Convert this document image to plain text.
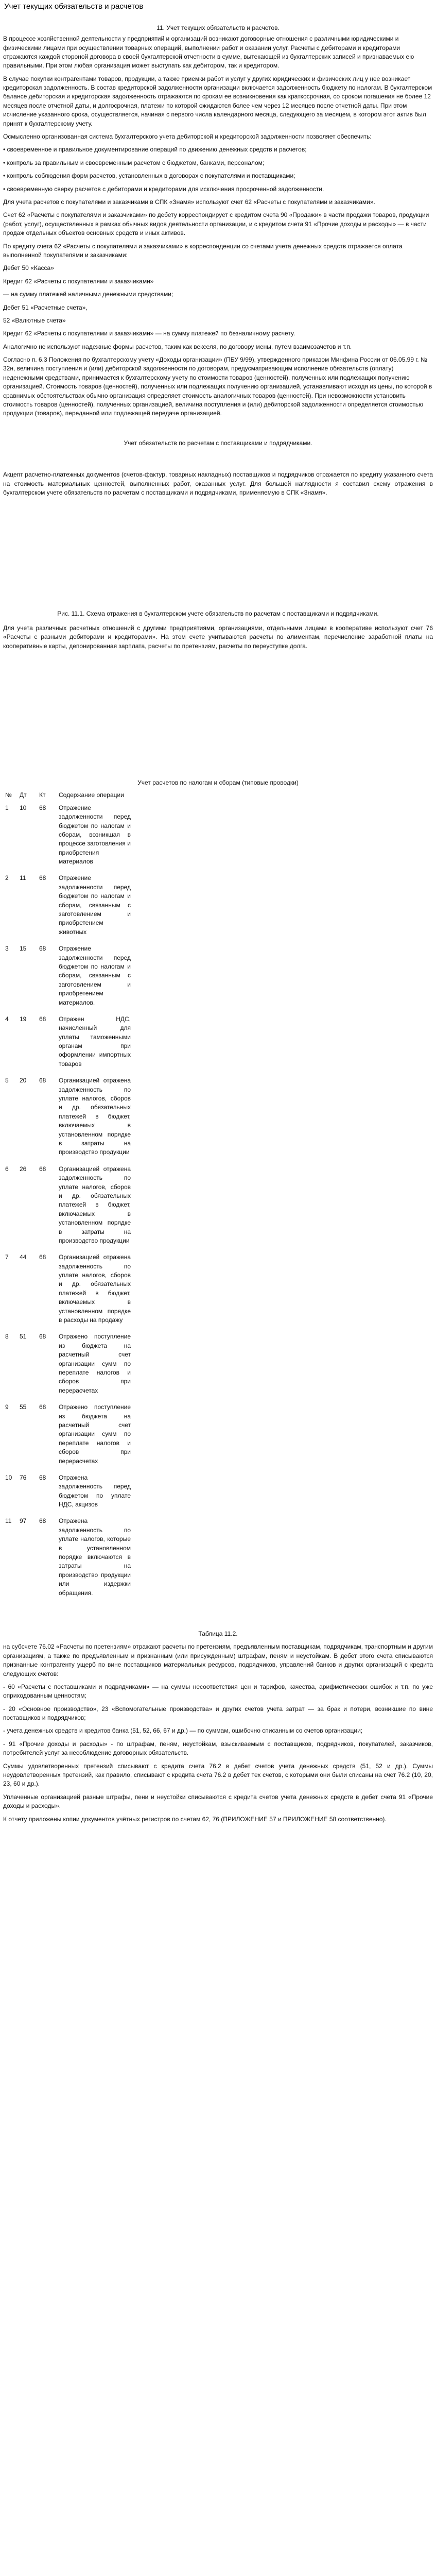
Учет текущих обязательств и расчетов
11. Учет текущих обязательств и расчетов.

В процессе хозяйственной деятельности у предприятий и организаций возникают договорные отношения с различными юридическими и физическими лицами при осуществлении товарных операций, выполнении работ и оказании услуг. Расчеты с дебиторами и кредиторами отражаются каждой стороной договора в своей бухгалтерской отчетности в сумме, вытекающей из бухгалтерских записей и признаваемых ею правильными. При этом любая организация может выступать как дебитором, так и кредитором.

В случае покупки контрагентами товаров, продукции, а также приемки работ и услуг у других юридических и физических лиц у нее возникает кредиторская задолженность. В состав кредиторской задолженности организации включается задолженность бюджету по налогам. В бухгалтерском балансе дебиторская и кредиторская задолженность отражаются по срокам ее возникновения как краткосрочная, со сроком погашения не более 12 месяцев после отчетной даты, и долгосрочная, платежи по которой ожидаются более чем через 12 месяцев после отчетной даты. При этом исчисление указанного срока, осуществляется, начиная с первого числа календарного месяца, следующего за месяцем, в котором этот актив был принят к бухгалтерскому учету.

Осмысленно организованная система бухгалтерского учета дебиторской и кредиторской задолженности позволяет обеспечить:

• своевременное и правильное документирование операций по движению денежных средств и расчетов;

• контроль за правильным и своевременным расчетом с бюджетом, банками, персоналом;

• контроль соблюдения форм расчетов, установленных в договорах с покупателями и поставщиками;

• своевременную сверку расчетов с дебиторами и кредиторами для исключения просроченной задолженности.

Для учета расчетов с покупателями и заказчиками в СПК «Знамя» используют счет 62 «Расчеты с покупателями и заказчиками».

Счет 62 «Расчеты с покупателями и заказчиками» по дебету корреспондирует с кредитом счета 90 «Продажи» в части продажи товаров, продукции (работ, услуг), осуществленных в рамках обычных видов деятельности организации, и с кредитом счета 91 «Прочие доходы и расходы» — в части продаж отдельных объектов основных средств и иных активов.

По кредиту счета 62 «Расчеты с покупателями и заказчиками» в корреспонденции со счетами учета денежных средств отражается оплата выполненной покупателями и заказчиками:

Дебет 50 «Касса»

Кредит 62 «Расчеты с покупателями и заказчиками»

— на сумму платежей наличными денежными средствами;

Дебет 51 «Расчетные счета»,

52 «Валютные счета»

Кредит 62 «Расчеты с покупателями и заказчиками» — на сумму платежей по безналичному расчету.

Аналогично не используют надежные формы расчетов, таким как векселя, по договору мены, путем взаимозачетов и т.п.

Согласно п. 6.3 Положения по бухгалтерскому учету «Доходы организации» (ПБУ 9/99), утвержденного приказом Минфина России от 06.05.99 г. № 32н, величина поступления и (или) дебиторской задолженности по договорам, предусматривающим исполнение обязательств (оплату) неденежными средствами, принимается к бухгалтерскому учету по стоимости товаров (ценностей), полученных или подлежащих получению организацией. Стоимость товаров (ценностей), полученных или подлежащих получению организацией, устанавливают исходя из цены, по которой в сравнимых обстоятельствах обычно организация определяет стоимость аналогичных товаров (ценностей). При невозможности установить стоимость товаров (ценностей), полученных организацией, величина поступления и (или) дебиторской задолженности определяется стоимостью продукции (товаров), переданной или подлежащей передаче организацией.

Учет обязательств по расчетам с поставщиками и подрядчиками.

Акцепт расчетно-платежных документов (счетов-фактур, товарных накладных) поставщиков и подрядчиков отражается по кредиту указанного счета на стоимость материальных ценностей, выполненных работ, оказанных услуг. Для большей наглядности я составил схему отражения в бухгалтерском учете обязательств по расчетам с поставщиками и подрядчиками, применяемую в СПК «Знамя».

Рис. 11.1. Схема отражения в бухгалтерском учете обязательств по расчетам с поставщиками и подрядчиками.

Для учета различных расчетных отношений с другими предприятиями, организациями, отдельными лицами в кооперативе используют счет 76 «Расчеты с разными дебиторами и кредиторами». На этом счете учитываются расчеты по алиментам, перечисление заработной платы на кооперативные карты, депонированная зарплата, расчеты по претензиям, расчеты по переуступке долга.

Учет расчетов по налогам и сборам (типовые проводки)
№	Дт	Кт	Содержание операции
1	10	68	Отражение задолженности перед бюджетом по налогам и сборам, возникшая в процессе заготовления и приобретения материалов
2	11	68	Отражение задолженности перед бюджетом по налогам и сборам, связанным с заготовлением и приобретением животных
3	15	68	Отражение задолженности перед бюджетом по налогам и сборам, связанным с заготовлением и приобретением материалов.
4	19	68	Отражен НДС, начисленный для уплаты таможенными органам при оформлении импортных товаров
5	20	68	Организацией отражена задолженность по уплате налогов, сборов и др. обязательных платежей в бюджет, включаемых в установленном порядке в затраты на производство продукции
6	26	68	Организацией отражена задолженность по уплате налогов, сборов и др. обязательных платежей в бюджет, включаемых в установленном порядке в затраты на производство продукции
7	44	68	Организацией отражена задолженность по уплате налогов, сборов и др. обязательных платежей в бюджет, включаемых в установленном порядке в расходы на продажу
8	51	68	Отражено поступление из бюджета на расчетный счет организации сумм по переплате налогов и сборов при перерасчетах
9	55	68	Отражено поступление из бюджета на расчетный счет организации сумм по переплате налогов и сборов при перерасчетах
10	76	68	Отражена задолженность перед бюджетом по уплате НДС, акцизов
11	97	68	Отражена задолженность по уплате налогов, которые в установленном порядке включаются в затраты на производство продукции или издержки обращения.

Таблица 11.2.

на субсчете 76.02 «Расчеты по претензиям» отражают расчеты по претензиям, предъявленным поставщикам, подрядчикам, транспортным и другим организациям, а также по предъявленным и признанным (или присужденным) штрафам, пеням и неустойкам. В дебет этого счета списываются признанные контрагенту ущерб по вине поставщиков материальных ресурсов, подрядчиков, управлений банков и других организаций с кредита следующих счетов:

- 60 «Расчеты с поставщиками и подрядчиками» — на суммы несоответствия цен и тарифов, качества, арифметических ошибок и т.п. по уже оприходованным ценностям;

- 20 «Основное производство», 23 «Вспомогательные производства» и других счетов учета затрат — за брак и потери, возникшие по вине поставщиков и подрядчиков;

- учета денежных средств и кредитов банка (51, 52, 66, 67 и др.) — по суммам, ошибочно списанным со счетов организации;

- 91 «Прочие доходы и расходы» - по штрафам, пеням, неустойкам, взыскиваемым с поставщиков, подрядчиков, покупателей, заказчиков, потребителей услуг за несоблюдение договорных обязательств.

Суммы удовлетворенных претензий списывают с кредита счета 76.2 в дебет счетов учета денежных средств (51, 52 и др.). Суммы неудовлетворенных претензий, как правило, списывают с кредита счета 76.2 в дебет тех счетов, с которыми они были списаны на счет 76.2 (10, 20, 23, 60 и др.).

Уплаченные организацией разные штрафы, пени и неустойки списываются с кредита счетов учета денежных средств в дебет счета 91 «Прочие доходы и расходы».

К отчету приложены копии документов учётных регистров по счетам 62, 76 (ПРИЛОЖЕНИЕ 57 и ПРИЛОЖЕНИЕ 58 соответственно).
